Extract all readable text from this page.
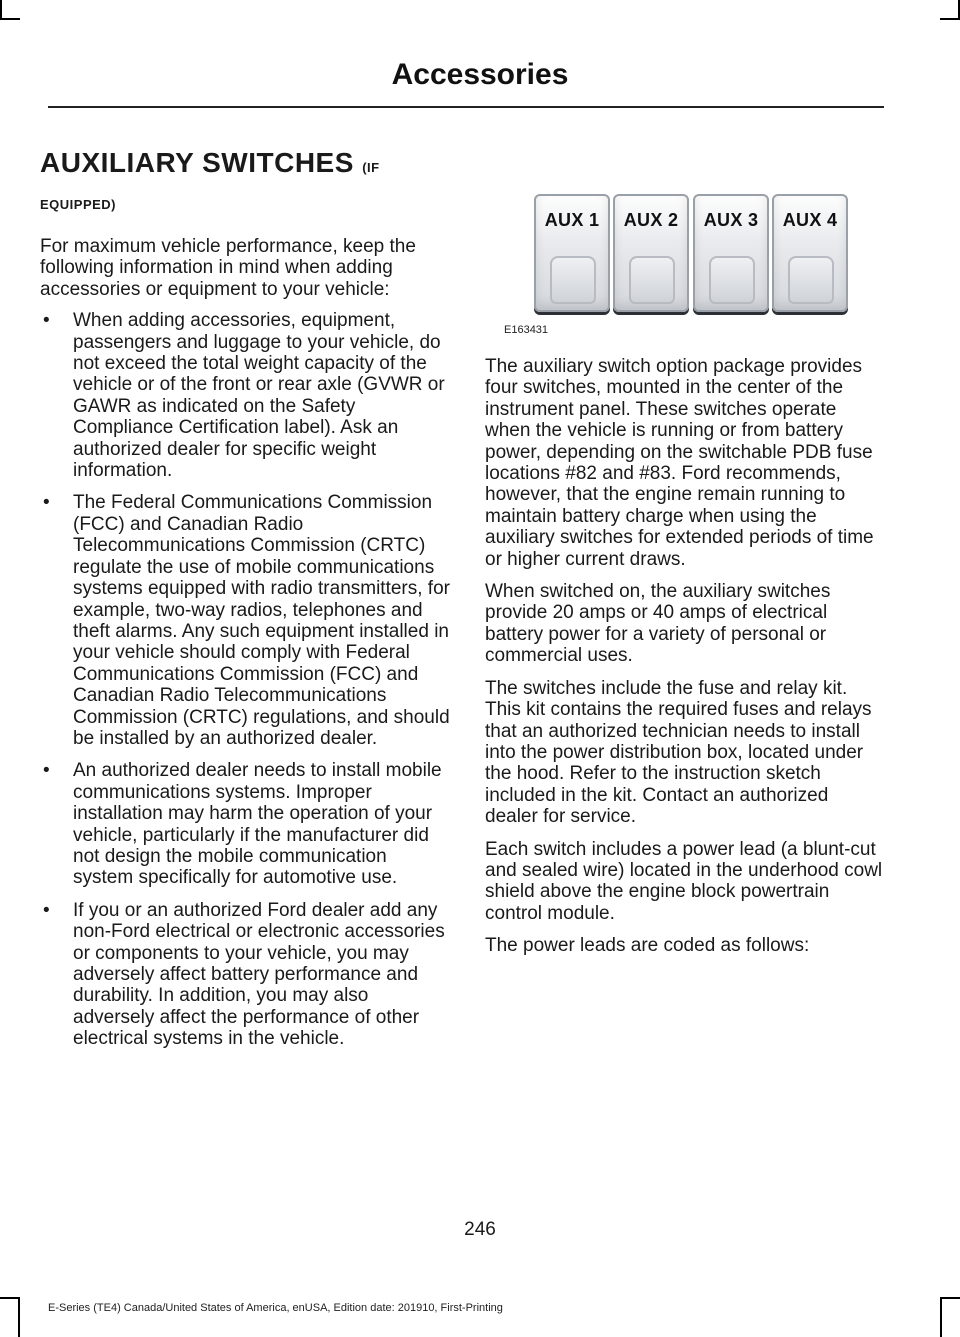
Accessories
AUXILIARY SWITCHES (IF
EQUIPPED)

For maximum vehicle performance, keep the following information in mind when adding accessories or equipment to your vehicle:

• When adding accessories, equipment, passengers and luggage to your vehicle, do not exceed the total weight capacity of the vehicle or of the front or rear axle (GVWR or GAWR as indicated on the Safety Compliance Certification label). Ask an authorized dealer for specific weight information.
• The Federal Communications Commission (FCC) and Canadian Radio Telecommunications Commission (CRTC) regulate the use of mobile communications systems equipped with radio transmitters, for example, two-way radios, telephones and theft alarms. Any such equipment installed in your vehicle should comply with Federal Communications Commission (FCC) and Canadian Radio Telecommunications Commission (CRTC) regulations, and should be installed by an authorized dealer.
• An authorized dealer needs to install mobile communications systems. Improper installation may harm the operation of your vehicle, particularly if the manufacturer did not design the mobile communication system specifically for automotive use.
• If you or an authorized Ford dealer add any non-Ford electrical or electronic accessories or components to your vehicle, you may adversely affect battery performance and durability. In addition, you may also adversely affect the performance of other electrical systems in the vehicle.
AUX 1	AUX 2	AUX 3	AUX 4
E163431

The auxiliary switch option package provides four switches, mounted in the center of the instrument panel. These switches operate when the vehicle is running or from battery power, depending on the switchable PDB fuse locations #82 and #83. Ford recommends, however, that the engine remain running to maintain battery charge when using the auxiliary switches for extended periods of time or higher current draws.

When switched on, the auxiliary switches provide 20 amps or 40 amps of electrical battery power for a variety of personal or commercial uses.

The switches include the fuse and relay kit. This kit contains the required fuses and relays that an authorized technician needs to install into the power distribution box, located under the hood. Refer to the instruction sketch included in the kit. Contact an authorized dealer for service.

Each switch includes a power lead (a blunt-cut and sealed wire) located in the underhood cowl shield above the engine block powertrain control module.

The power leads are coded as follows:

246
E-Series (TE4) Canada/United States of America, enUSA, Edition date: 201910, First-Printing
